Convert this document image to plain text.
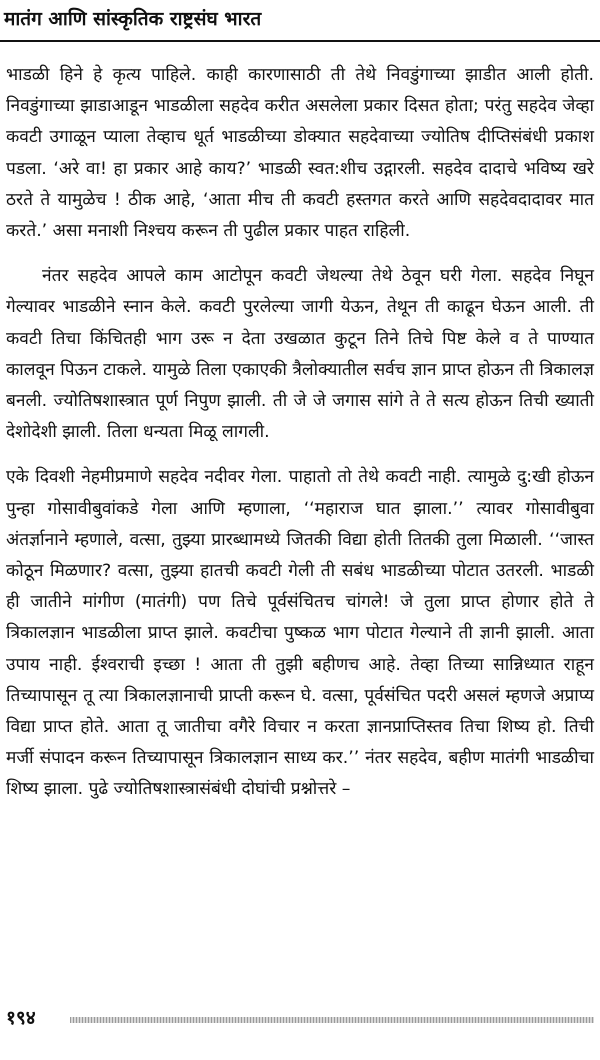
मातंग आणि सांस्कृतिक राष्ट्रसंघ भारत

भाडळी हिने हे कृत्य पाहिले. काही कारणासाठी ती तेथे निवडुंगाच्या झाडीत आली होती. निवडुंगाच्या झाडाआडून भाडळीला सहदेव करीत असलेला प्रकार दिसत होता; परंतु सहदेव जेव्हा कवटी उगाळून प्याला तेव्हाच धूर्त भाडळीच्या डोक्यात सहदेवाच्या ज्योतिष दीप्तिसंबंधी प्रकाश पडला. ‘अरे वा! हा प्रकार आहे काय?’ भाडळी स्वत:शीच उद्गारली. सहदेव दादाचे भविष्य खरे ठरते ते यामुळेच ! ठीक आहे, ‘आता मीच ती कवटी हस्तगत करते आणि सहदेवदादावर मात करते.’ असा मनाशी निश्चय करून ती पुढील प्रकार पाहत राहिली.

नंतर सहदेव आपले काम आटोपून कवटी जेथल्या तेथे ठेवून घरी गेला. सहदेव निघून गेल्यावर भाडळीने स्नान केले. कवटी पुरलेल्या जागी येऊन, तेथून ती काढून घेऊन आली. ती कवटी तिचा किंचितही भाग उरू न देता उखळात कुटून तिने तिचे पिष्ट केले व ते पाण्यात कालवून पिऊन टाकले. यामुळे तिला एकाएकी त्रैलोक्यातील सर्वच ज्ञान प्राप्त होऊन ती त्रिकालज्ञ बनली. ज्योतिषशास्त्रात पूर्ण निपुण झाली. ती जे जे जगास सांगे ते ते सत्य होऊन तिची ख्याती देशोदेशी झाली. तिला धन्यता मिळू लागली.

एके दिवशी नेहमीप्रमाणे सहदेव नदीवर गेला. पाहातो तो तेथे कवटी नाही. त्यामुळे दु:खी होऊन पुन्हा गोसावीबुवांकडे गेला आणि म्हणाला, ‘‘महाराज घात झाला.’’ त्यावर गोसावीबुवा अंतर्ज्ञानाने म्हणाले, वत्सा, तुझ्या प्रारब्धामध्ये जितकी विद्या होती तितकी तुला मिळाली. ‘‘जास्त कोठून मिळणार? वत्सा, तुझ्या हातची कवटी गेली ती सबंध भाडळीच्या पोटात उतरली. भाडळी ही जातीने मांगीण (मातंगी) पण तिचे पूर्वसंचितच चांगले! जे तुला प्राप्त होणार होते ते त्रिकालज्ञान भाडळीला प्राप्त झाले. कवटीचा पुष्कळ भाग पोटात गेल्याने ती ज्ञानी झाली. आता उपाय नाही. ईश्वराची इच्छा ! आता ती तुझी बहीणच आहे. तेव्हा तिच्या सान्निध्यात राहून तिच्यापासून तू त्या त्रिकालज्ञानाची प्राप्ती करून घे. वत्सा, पूर्वसंचित पदरी असलं म्हणजे अप्राप्य विद्या प्राप्त होते. आता तू जातीचा वगैरे विचार न करता ज्ञानप्राप्तिस्तव तिचा शिष्य हो. तिची मर्जी संपादन करून तिच्यापासून त्रिकालज्ञान साध्य कर.’’ नंतर सहदेव, बहीण मातंगी भाडळीचा शिष्य झाला. पुढे ज्योतिषशास्त्रासंबंधी दोघांची प्रश्नोत्तरे –

१९४
